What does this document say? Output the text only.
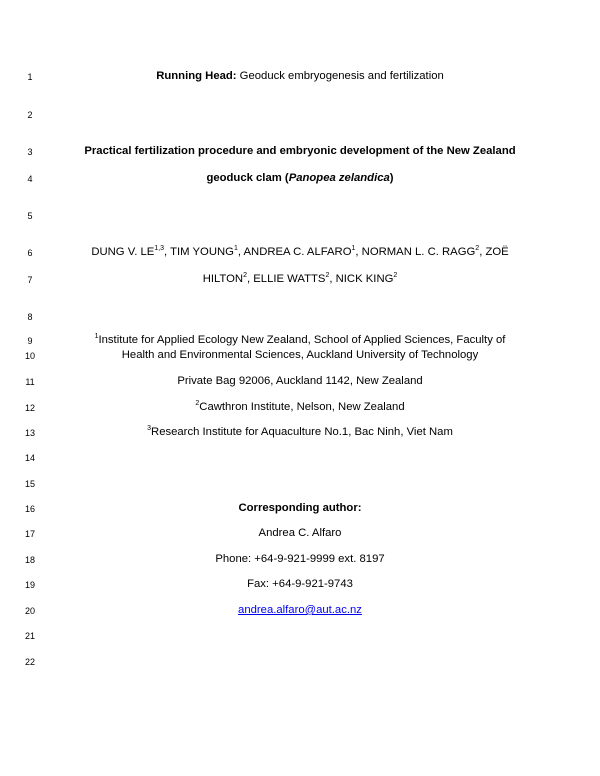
1
2
3
4
5
6
7
8
9
10
11
12
13
14
15
16
17
18
19
20
21
22
Running Head: Geoduck embryogenesis and fertilization
Practical fertilization procedure and embryonic development of the New Zealand
geoduck clam (Panopea zelandica)
DUNG V. LE$^{1,3}$, TIM YOUNG$^1$, ANDREA C. ALFARO$^1$, NORMAN L. C. RAGG$^2$, ZOË
HILTON$^2$, ELLIE WATTS$^2$, NICK KING$^2$
$^1$Institute for Applied Ecology New Zealand, School of Applied Sciences, Faculty of
Health and Environmental Sciences, Auckland University of Technology
Private Bag 92006, Auckland 1142, New Zealand
$^2$Cawthron Institute, Nelson, New Zealand
$^3$Research Institute for Aquaculture No.1, Bac Ninh, Viet Nam
Corresponding author:
Andrea C. Alfaro
Phone: +64-9-921-9999 ext. 8197
Fax: +64-9-921-9743
andrea.alfaro@aut.ac.nz
